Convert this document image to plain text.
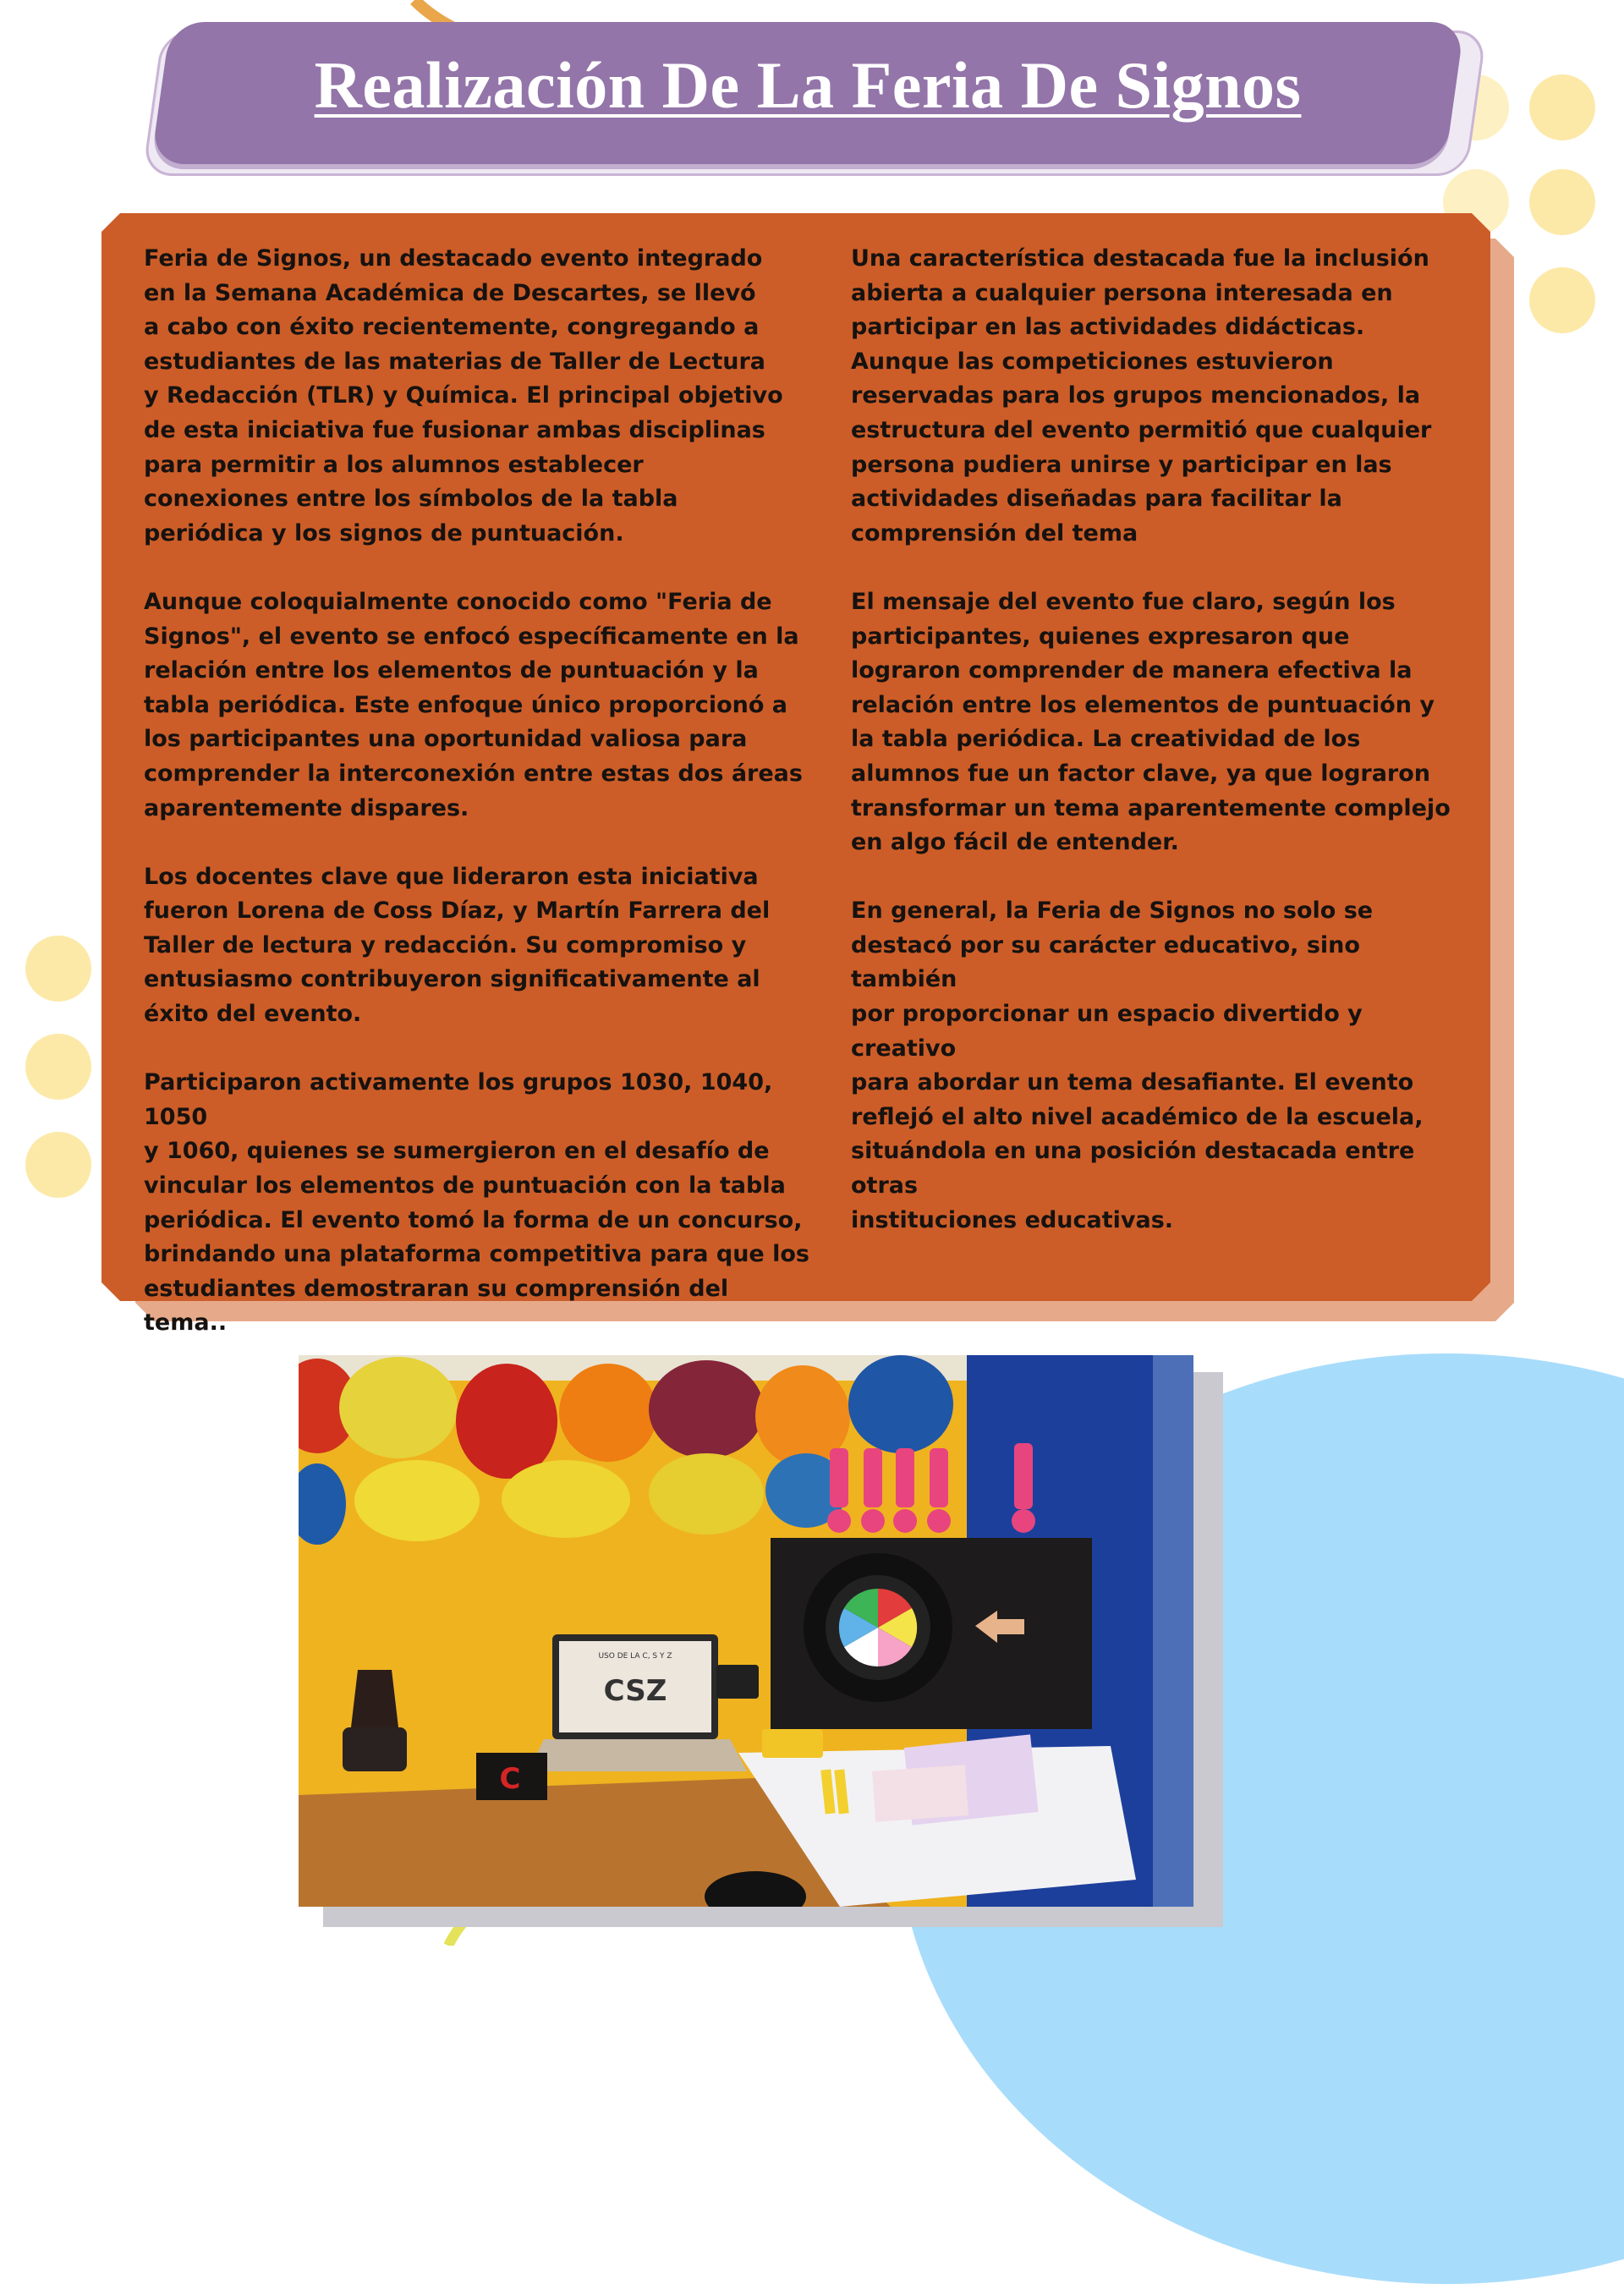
Realización De La Feria De Signos

Feria de Signos, un destacado evento integrado
en la Semana Académica de Descartes, se llevó
a cabo con éxito recientemente, congregando a
estudiantes de las materias de Taller de Lectura
y Redacción (TLR) y Química. El principal objetivo
de esta iniciativa fue fusionar ambas disciplinas
para permitir a los alumnos establecer
conexiones entre los símbolos de la tabla
periódica y los signos de puntuación.

Aunque coloquialmente conocido como "Feria de
Signos", el evento se enfocó específicamente en la
relación entre los elementos de puntuación y la
tabla periódica. Este enfoque único proporcionó a
los participantes una oportunidad valiosa para
comprender la interconexión entre estas dos áreas
aparentemente dispares.

Los docentes clave que lideraron esta iniciativa
fueron Lorena de Coss Díaz, y Martín Farrera del
Taller de lectura y redacción. Su compromiso y
entusiasmo contribuyeron significativamente al
éxito del evento.

Participaron activamente los grupos 1030, 1040, 1050
y 1060, quienes se sumergieron en el desafío de
vincular los elementos de puntuación con la tabla
periódica. El evento tomó la forma de un concurso,
brindando una plataforma competitiva para que los
estudiantes demostraran su comprensión del tema..

Una característica destacada fue la inclusión
abierta a cualquier persona interesada en
participar en las actividades didácticas.
Aunque las competiciones estuvieron
reservadas para los grupos mencionados, la
estructura del evento permitió que cualquier
persona pudiera unirse y participar en las
actividades diseñadas para facilitar la
comprensión del tema

El mensaje del evento fue claro, según los
participantes, quienes expresaron que
lograron comprender de manera efectiva la
relación entre los elementos de puntuación y
la tabla periódica. La creatividad de los
alumnos fue un factor clave, ya que lograron
transformar un tema aparentemente complejo
en algo fácil de entender.

En general, la Feria de Signos no solo se
destacó por su carácter educativo, sino también
por proporcionar un espacio divertido y creativo
para abordar un tema desafiante. El evento
reflejó el alto nivel académico de la escuela,
situándola en una posición destacada entre otras
instituciones educativas.

USO DE LA C, S Y Z
CSZ
C
